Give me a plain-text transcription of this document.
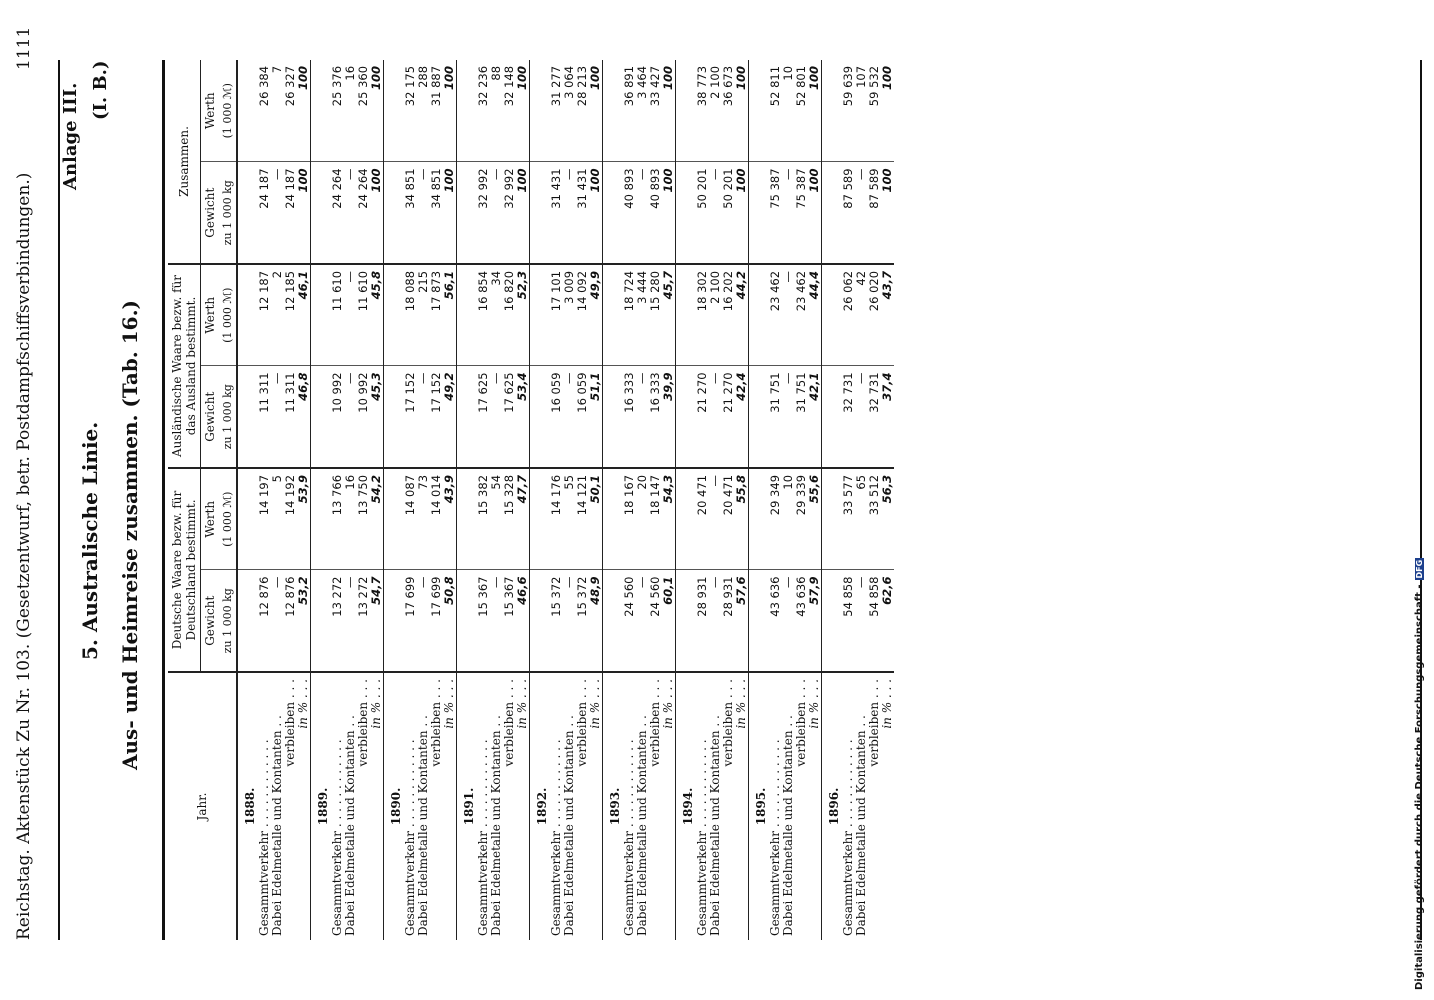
Reichstag. Aktenstück Zu Nr. 103. (Gesetzentwurf, betr. Postdampfschiffsverbindungen.)
1111
Anlage III. (I. B.)
5. Australische Linie. Aus- und Heimreise zusammen. (Tab. 16.)
Jahr.	Deutsche Waare bezw. für Deutschland bestimmt.		Ausländische Waare bezw. für das Ausland bestimmt.		Zusammen.	
	Gewicht	Werth	Gewicht	Werth	Gewicht	Werth
	zu 1 000 kg	(1 000 ℳ)	zu 1 000 kg	(1 000 ℳ)	zu 1 000 kg	(1 000 ℳ)
1888.						
Gesammtverkehr . . . . . . . . . . . .	12 876	14 197	11 311	12 187	24 187	26 384
Dabei Edelmetalle und Kontanten . .	—	5	—	2	—	7
verbleiben . . .	12 876	14 192	11 311	12 185	24 187	26 327
in % . . .	53,2	53,9	46,8	46,1	100	100
1889.						
Gesammtverkehr . . . . . . . . . . . .	13 272	13 766	10 992	11 610	24 264	25 376
Dabei Edelmetalle und Kontanten . .	—	16	—	—	—	16
verbleiben . . .	13 272	13 750	10 992	11 610	24 264	25 360
in % . . .	54,7	54,2	45,3	45,8	100	100
1890.						
Gesammtverkehr . . . . . . . . . . . .	17 699	14 087	17 152	18 088	34 851	32 175
Dabei Edelmetalle und Kontanten . .	—	73	—	215	—	288
verbleiben . . .	17 699	14 014	17 152	17 873	34 851	31 887
in % . . .	50,8	43,9	49,2	56,1	100	100
1891.						
Gesammtverkehr . . . . . . . . . . . .	15 367	15 382	17 625	16 854	32 992	32 236
Dabei Edelmetalle und Kontanten . .	—	54	—	34	—	88
verbleiben . . .	15 367	15 328	17 625	16 820	32 992	32 148
in % . . .	46,6	47,7	53,4	52,3	100	100
1892.						
Gesammtverkehr . . . . . . . . . . . .	15 372	14 176	16 059	17 101	31 431	31 277
Dabei Edelmetalle und Kontanten . .	—	55	—	3 009	—	3 064
verbleiben . . .	15 372	14 121	16 059	14 092	31 431	28 213
in % . . .	48,9	50,1	51,1	49,9	100	100
1893.						
Gesammtverkehr . . . . . . . . . . . .	24 560	18 167	16 333	18 724	40 893	36 891
Dabei Edelmetalle und Kontanten . .	—	20	—	3 444	—	3 464
verbleiben . . .	24 560	18 147	16 333	15 280	40 893	33 427
in % . . .	60,1	54,3	39,9	45,7	100	100
1894.						
Gesammtverkehr . . . . . . . . . . . .	28 931	20 471	21 270	18 302	50 201	38 773
Dabei Edelmetalle und Kontanten . .	—	—	—	2 100	—	2 100
verbleiben . . .	28 931	20 471	21 270	16 202	50 201	36 673
in % . . .	57,6	55,8	42,4	44,2	100	100
1895.						
Gesammtverkehr . . . . . . . . . . . .	43 636	29 349	31 751	23 462	75 387	52 811
Dabei Edelmetalle und Kontanten . .	—	10	—	—	—	10
verbleiben . . .	43 636	29 339	31 751	23 462	75 387	52 801
in % . . .	57,9	55,6	42,1	44,4	100	100
1896.						
Gesammtverkehr . . . . . . . . . . . .	54 858	33 577	32 731	26 062	87 589	59 639
Dabei Edelmetalle und Kontanten . .	—	65	—	42	—	107
verbleiben . . .	54 858	33 512	32 731	26 020	87 589	59 532
in % . . .	62,6	56,3	37,4	43,7	100	100
Digitalisierung gefördert durch die Deutsche Forschungsgemeinschaft -DFG
